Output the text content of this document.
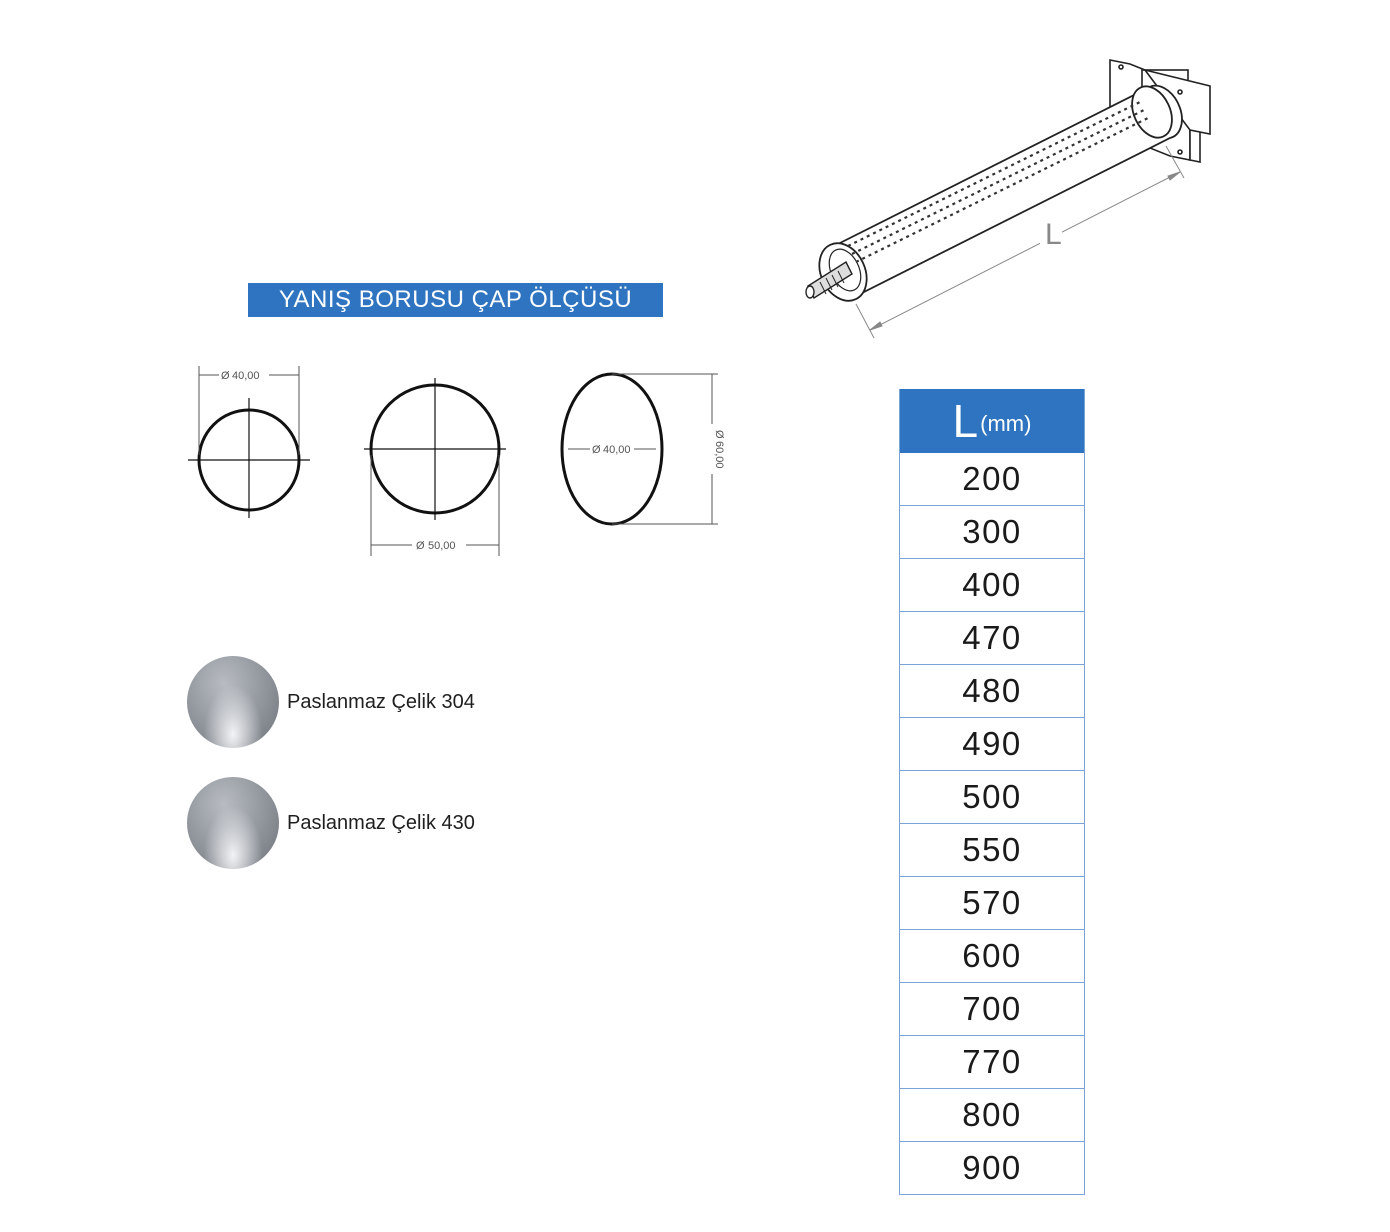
L
YANIŞ BORUSU ÇAP ÖLÇÜSÜ
Ø 40,00
Ø 50,00
Ø 40,00
Ø
60,00
Paslanmaz Çelik 304
Paslanmaz Çelik 430
L (mm)
200
300
400
470
480
490
500
550
570
600
700
770
800
900
